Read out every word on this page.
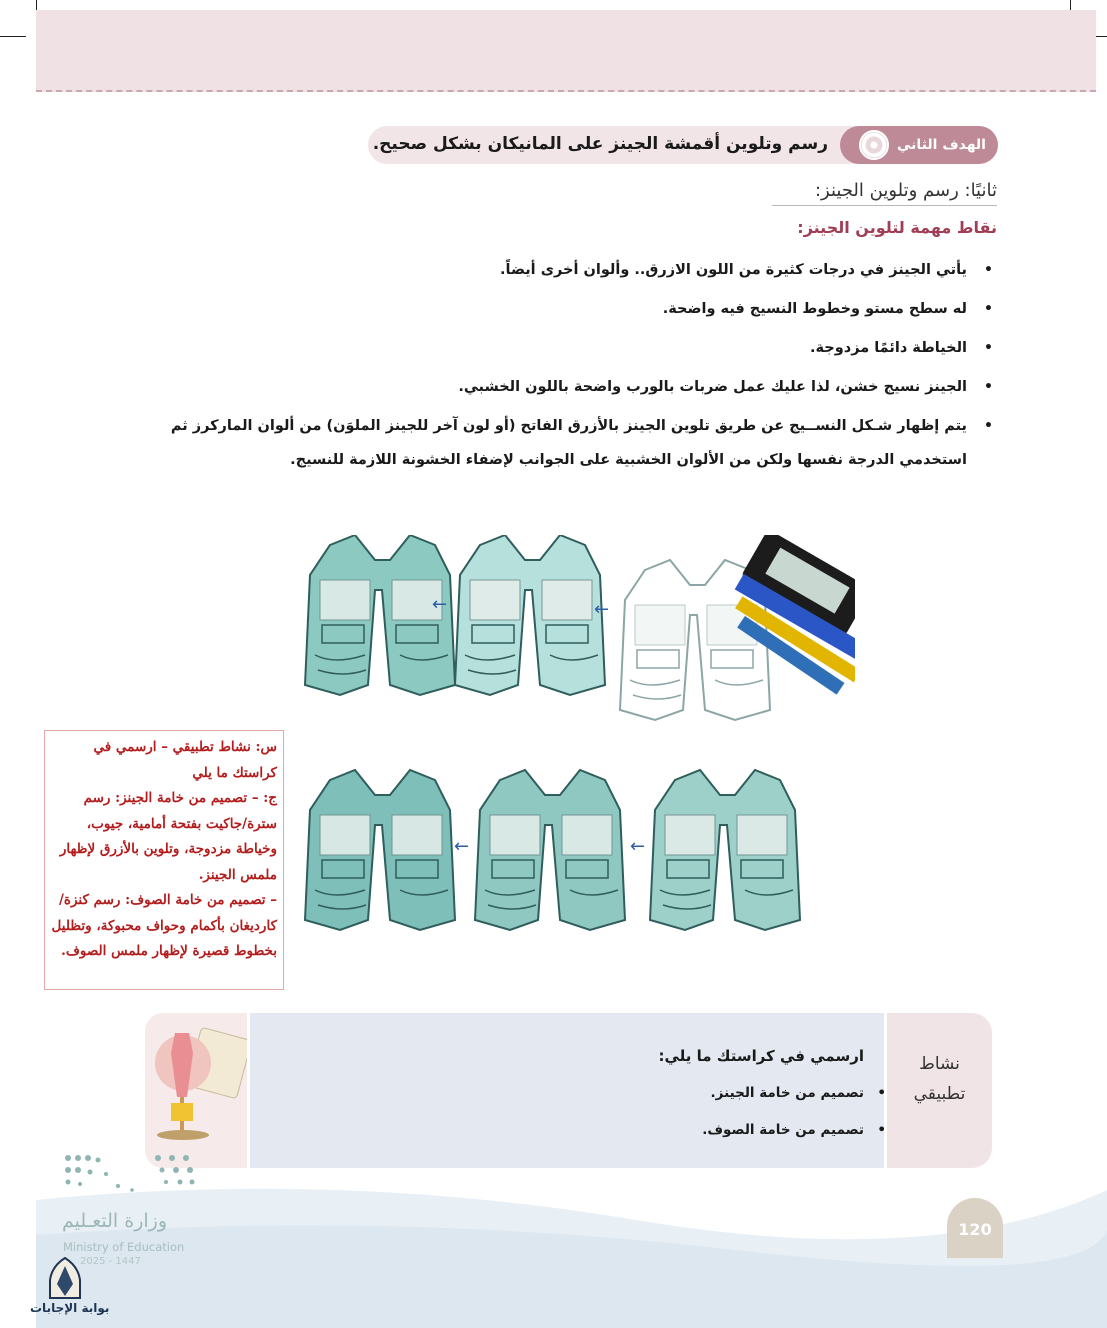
رسم وتلوين أقمشة الجينز على المانيكان بشكل صحيح.	الهدف الثاني
ثانيًا: رسم وتلوين الجينز:
نقاط مهمة لتلوين الجينز:
• يأتي الجينز في درجات كثيرة من اللون الازرق.. وألوان أخرى أيضاً.
• له سطح مستو وخطوط النسيج فيه واضحة.
• الخياطة دائمًا مزدوجة.
• الجينز نسيج خشن، لذا عليك عمل ضربات بالورب واضحة باللون الخشبي.
• يتم إظهار شـكل النســيج عن طريق تلوين الجينز بالأزرق الفاتح (أو لون آخر للجينز الملوَن) من ألوان الماركرز ثم استخدمي الدرجة نفسها ولكن من الألوان الخشبية على الجوانب لإضفاء الخشونة اللازمة للنسيج.
←	←
←	←
س: نشاط تطبيقي – ارسمي في كراستك ما يلي
ج: – تصميم من خامة الجينز: رسم سترة/جاكيت بفتحة أمامية، جيوب، وخياطة مزدوجة، وتلوين بالأزرق لإظهار ملمس الجينز.
– تصميم من خامة الصوف: رسم كنزة/ كارديغان بأكمام وحواف محبوكة، وتظليل بخطوط قصيرة لإظهار ملمس الصوف.
ارسمي في كراستك ما يلي:
• تصميم من خامة الجينز.
• تصميم من خامة الصوف.
نشاط
تطبيقي
وزارة التعـليم
Ministry of Education
2025 - 1447
بوابة الإجابات
120
